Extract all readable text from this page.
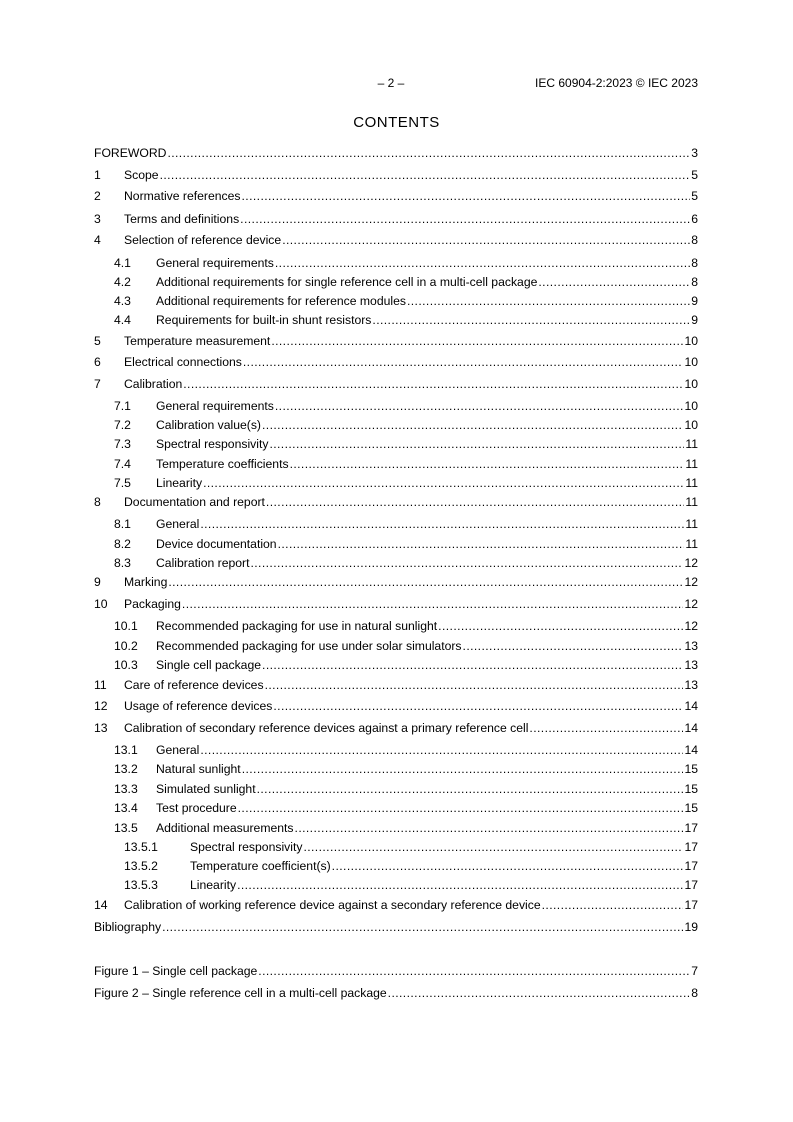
– 2 –	IEC 60904-2:2023 © IEC 2023
CONTENTS
FOREWORD .....	3
1	Scope .....	5
2	Normative references .....	5
3	Terms and definitions .....	6
4	Selection of reference device .....	8
4.1	General requirements .....	8
4.2	Additional requirements for single reference cell in a multi-cell package .....	8
4.3	Additional requirements for reference modules .....	9
4.4	Requirements for built-in shunt resistors .....	9
5	Temperature measurement .....	10
6	Electrical connections .....	10
7	Calibration .....	10
7.1	General requirements .....	10
7.2	Calibration value(s) .....	10
7.3	Spectral responsivity .....	11
7.4	Temperature coefficients .....	11
7.5	Linearity .....	11
8	Documentation and report .....	11
8.1	General .....	11
8.2	Device documentation .....	11
8.3	Calibration report .....	12
9	Marking .....	12
10	Packaging .....	12
10.1	Recommended packaging for use in natural sunlight .....	12
10.2	Recommended packaging for use under solar simulators .....	13
10.3	Single cell package .....	13
11	Care of reference devices .....	13
12	Usage of reference devices .....	14
13	Calibration of secondary reference devices against a primary reference cell .....	14
13.1	General .....	14
13.2	Natural sunlight .....	15
13.3	Simulated sunlight .....	15
13.4	Test procedure .....	15
13.5	Additional measurements .....	17
13.5.1	Spectral responsivity .....	17
13.5.2	Temperature coefficient(s) .....	17
13.5.3	Linearity .....	17
14	Calibration of working reference device against a secondary reference device .....	17
Bibliography .....	19
Figure 1 – Single cell package .....	7
Figure 2 – Single reference cell in a multi-cell package .....	8
